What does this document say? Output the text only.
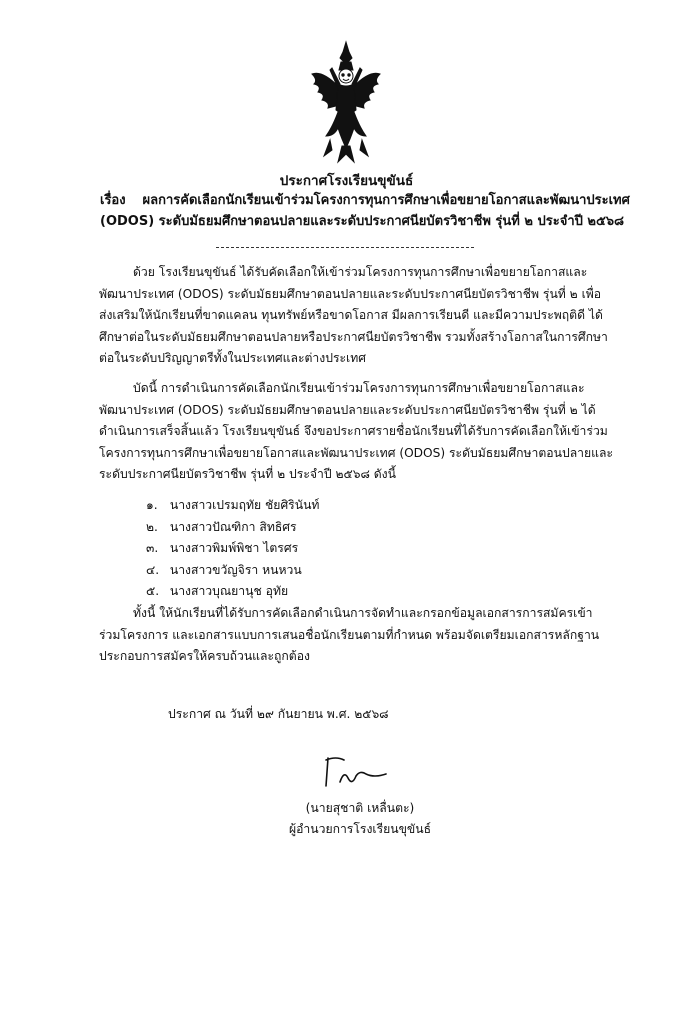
ประกาศโรงเรียนขุขันธ์
เรื่อง ผลการคัดเลือกนักเรียนเข้าร่วมโครงการทุนการศึกษาเพื่อขยายโอกาสและพัฒนาประเทศ
(ODOS) ระดับมัธยมศึกษาตอนปลายและระดับประกาศนียบัตรวิชาชีพ รุ่นที่ ๒ ประจำปี ๒๕๖๘
ด้วย โรงเรียนขุขันธ์ ได้รับคัดเลือกให้เข้าร่วมโครงการทุนการศึกษาเพื่อขยายโอกาสและ
พัฒนาประเทศ (ODOS) ระดับมัธยมศึกษาตอนปลายและระดับประกาศนียบัตรวิชาชีพ รุ่นที่ ๒ เพื่อ
ส่งเสริมให้นักเรียนที่ขาดแคลน ทุนทรัพย์หรือขาดโอกาส มีผลการเรียนดี และมีความประพฤติดี ได้
ศึกษาต่อในระดับมัธยมศึกษาตอนปลายหรือประกาศนียบัตรวิชาชีพ รวมทั้งสร้างโอกาสในการศึกษา
ต่อในระดับปริญญาตรีทั้งในประเทศและต่างประเทศ
บัดนี้ การดำเนินการคัดเลือกนักเรียนเข้าร่วมโครงการทุนการศึกษาเพื่อขยายโอกาสและ
พัฒนาประเทศ (ODOS) ระดับมัธยมศึกษาตอนปลายและระดับประกาศนียบัตรวิชาชีพ รุ่นที่ ๒ ได้
ดำเนินการเสร็จสิ้นแล้ว โรงเรียนขุขันธ์ จึงขอประกาศรายชื่อนักเรียนที่ได้รับการคัดเลือกให้เข้าร่วม
โครงการทุนการศึกษาเพื่อขยายโอกาสและพัฒนาประเทศ (ODOS) ระดับมัธยมศึกษาตอนปลายและ
ระดับประกาศนียบัตรวิชาชีพ รุ่นที่ ๒ ประจำปี ๒๕๖๘ ดังนี้
๑. นางสาวเปรมฤทัย ชัยศิรินันท์
๒. นางสาวปัณฑิกา สิทธิศร
๓. นางสาวพิมพ์พิชา ไตรศร
๔. นางสาวขวัญจิรา หนหวน
๕. นางสาวบุณยานุช อุทัย
ทั้งนี้ ให้นักเรียนที่ได้รับการคัดเลือกดำเนินการจัดทำและกรอกข้อมูลเอกสารการสมัครเข้า
ร่วมโครงการ และเอกสารแบบการเสนอชื่อนักเรียนตามที่กำหนด พร้อมจัดเตรียมเอกสารหลักฐาน
ประกอบการสมัครให้ครบถ้วนและถูกต้อง
ประกาศ ณ วันที่ ๒๙ กันยายน พ.ศ. ๒๕๖๘
(นายสุชาติ เหลื่นตะ)
ผู้อำนวยการโรงเรียนขุขันธ์
